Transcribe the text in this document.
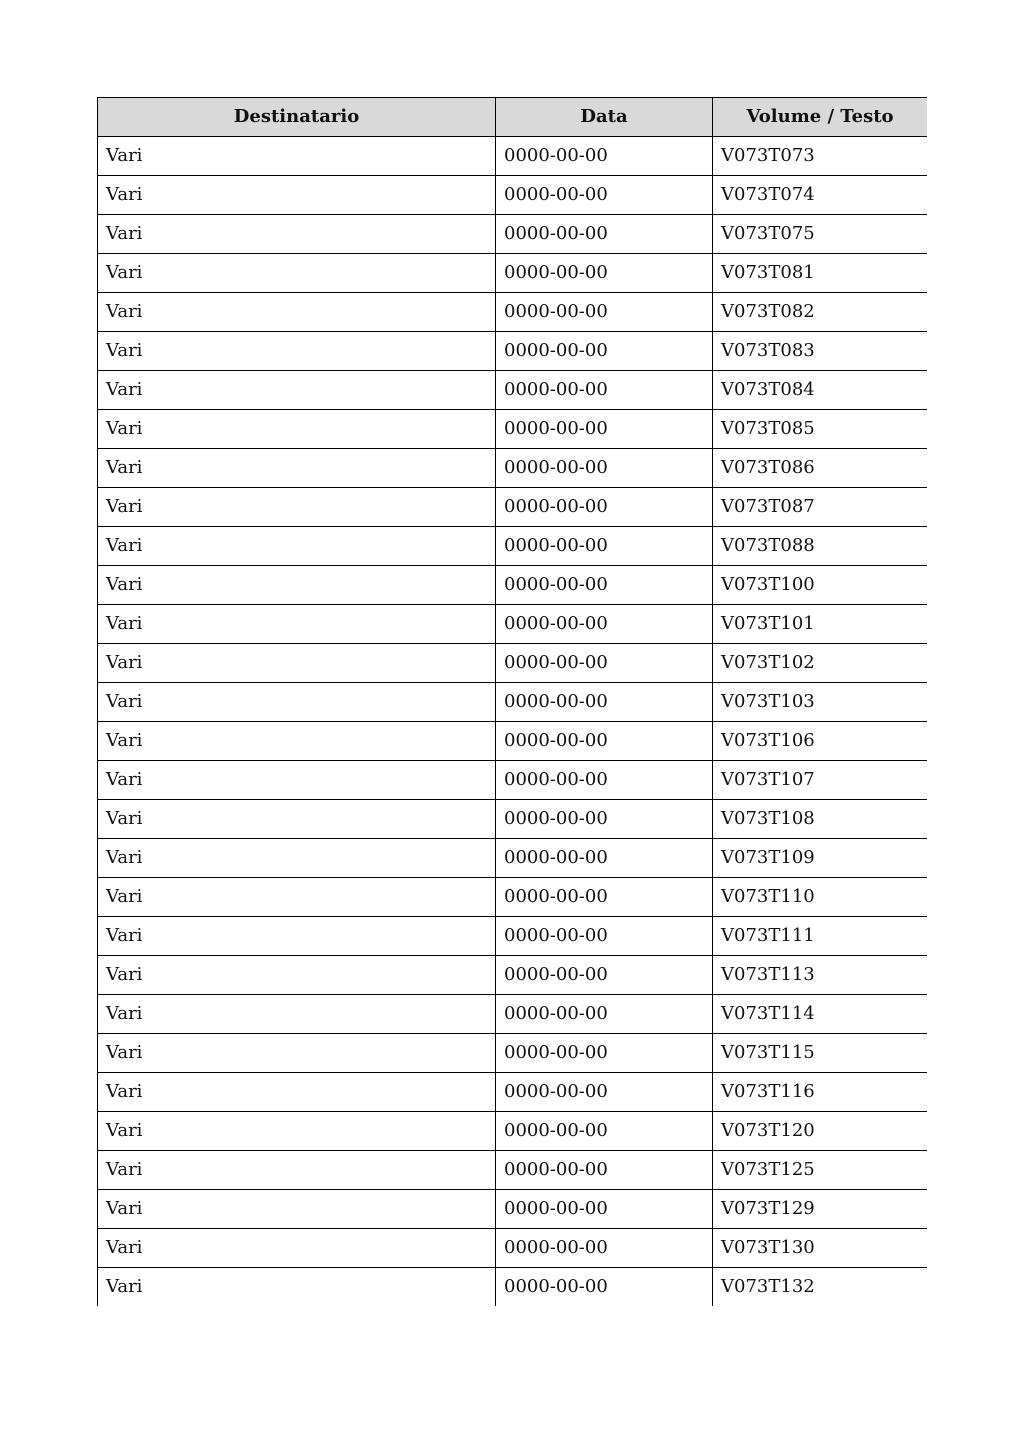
Destinatario	Data	Volume / Testo
Vari	0000-00-00	V073T073
Vari	0000-00-00	V073T074
Vari	0000-00-00	V073T075
Vari	0000-00-00	V073T081
Vari	0000-00-00	V073T082
Vari	0000-00-00	V073T083
Vari	0000-00-00	V073T084
Vari	0000-00-00	V073T085
Vari	0000-00-00	V073T086
Vari	0000-00-00	V073T087
Vari	0000-00-00	V073T088
Vari	0000-00-00	V073T100
Vari	0000-00-00	V073T101
Vari	0000-00-00	V073T102
Vari	0000-00-00	V073T103
Vari	0000-00-00	V073T106
Vari	0000-00-00	V073T107
Vari	0000-00-00	V073T108
Vari	0000-00-00	V073T109
Vari	0000-00-00	V073T110
Vari	0000-00-00	V073T111
Vari	0000-00-00	V073T113
Vari	0000-00-00	V073T114
Vari	0000-00-00	V073T115
Vari	0000-00-00	V073T116
Vari	0000-00-00	V073T120
Vari	0000-00-00	V073T125
Vari	0000-00-00	V073T129
Vari	0000-00-00	V073T130
Vari	0000-00-00	V073T132
